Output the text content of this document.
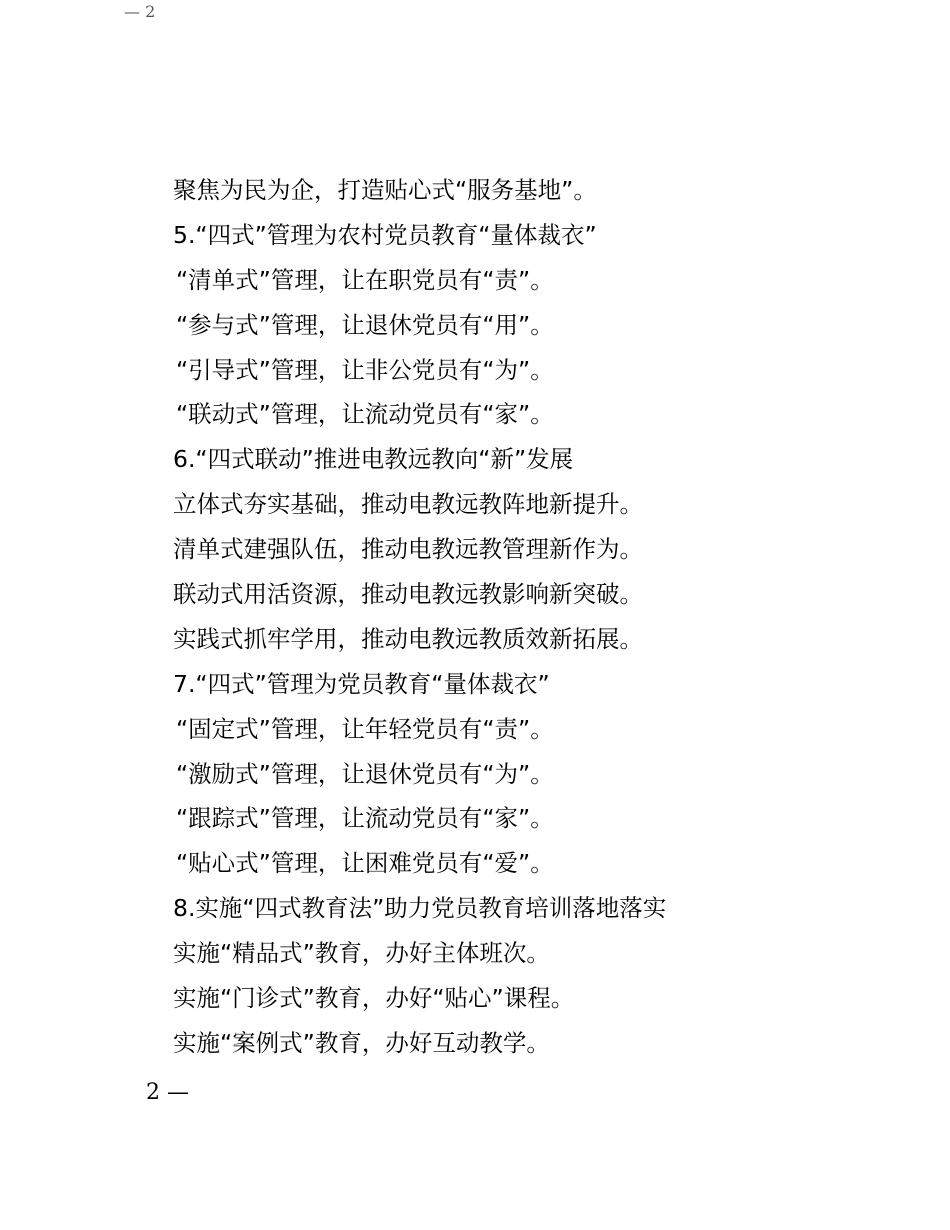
— 2
聚焦为民为企，打造贴心式“服务基地”。
5.“四式”管理为农村党员教育“量体裁衣”
“清单式”管理，让在职党员有“责”。
“参与式”管理，让退休党员有“用”。
“引导式”管理，让非公党员有“为”。
“联动式”管理，让流动党员有“家”。
6.“四式联动”推进电教远教向“新”发展
立体式夯实基础，推动电教远教阵地新提升。
清单式建强队伍，推动电教远教管理新作为。
联动式用活资源，推动电教远教影响新突破。
实践式抓牢学用，推动电教远教质效新拓展。
7.“四式”管理为党员教育“量体裁衣”
“固定式”管理，让年轻党员有“责”。
“激励式”管理，让退休党员有“为”。
“跟踪式”管理，让流动党员有“家”。
“贴心式”管理，让困难党员有“爱”。
8.实施“四式教育法”助力党员教育培训落地落实
实施“精品式”教育，办好主体班次。
实施“门诊式”教育，办好“贴心”课程。
实施“案例式”教育，办好互动教学。
2 —
